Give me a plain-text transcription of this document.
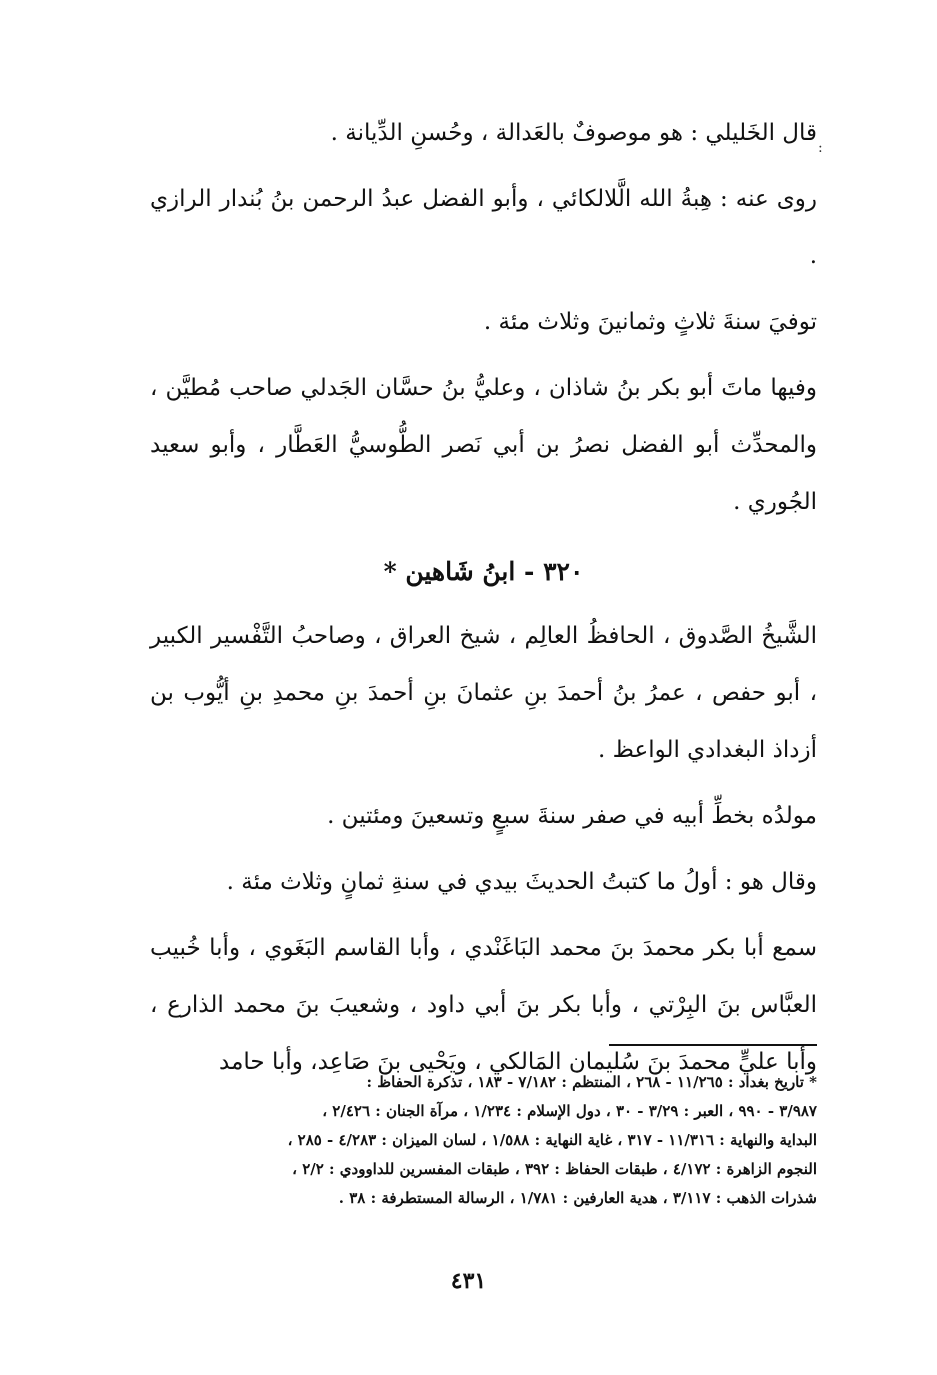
قال الخَليلي : هو موصوفٌ بالعَدالة ، وحُسنِ الدِّيانة .

روى عنه : هِبةُ الله الَّلالكائي ، وأبو الفضل عبدُ الرحمن بنُ بُندار الرازي .

توفيَ سنةَ ثلاثٍ وثمانينَ وثلاث مئة .

وفيها ماتَ أبو بكر بنُ شاذان ، وعليُّ بنُ حسَّان الجَدلي صاحب مُطيَّن ، والمحدِّث أبو الفضل نصرُ بن أبي نَصر الطُّوسيُّ العَطَّار ، وأبو سعيد الجُوري .

٣٢٠ - ابنُ شَاهين *

الشَّيخُ الصَّدوق ، الحافظُ العالِم ، شيخ العراق ، وصاحبُ التَّفْسير الكبير ، أبو حفص ، عمرُ بنُ أحمدَ بنِ عثمانَ بنِ أحمدَ بنِ محمدِ بنِ أيُّوب بن أزداذ البغدادي الواعظ .

مولدُه بخطِّ أبيه في صفر سنةَ سبعٍ وتسعينَ ومئتين .

وقال هو : أولُ ما كتبتُ الحديثَ بيدي في سنةِ ثمانٍ وثلاث مئة .

سمع أبا بكر محمدَ بنَ محمد البَاغَنْدي ، وأبا القاسم البَغَوي ، وأبا خُبيب العبَّاس بنَ البِرْتي ، وأبا بكر بنَ أبي داود ، وشعيبَ بنَ محمد الذارع ، وأبا عليٍّ محمدَ بنَ سُليمان المَالكي ، ويَحْيى بنَ صَاعِد، وأبا حامد

:

* تاريخ بغداد : ١١/٢٦٥ - ٢٦٨ ، المنتظم : ٧/١٨٢ - ١٨٣ ، تذكرة الحفاظ :

٣/٩٨٧ - ٩٩٠ ، العبر : ٣/٢٩ - ٣٠ ، دول الإسلام : ١/٢٣٤ ، مرآة الجنان : ٢/٤٢٦ ،

البداية والنهاية : ١١/٣١٦ - ٣١٧ ، غاية النهاية : ١/٥٨٨ ، لسان الميزان : ٤/٢٨٣ - ٢٨٥ ،

النجوم الزاهرة : ٤/١٧٢ ، طبقات الحفاظ : ٣٩٢ ، طبقات المفسرين للداوودي : ٢/٢ ،

شذرات الذهب : ٣/١١٧ ، هدية العارفين : ١/٧٨١ ، الرسالة المستطرفة : ٣٨ .

٤٣١
